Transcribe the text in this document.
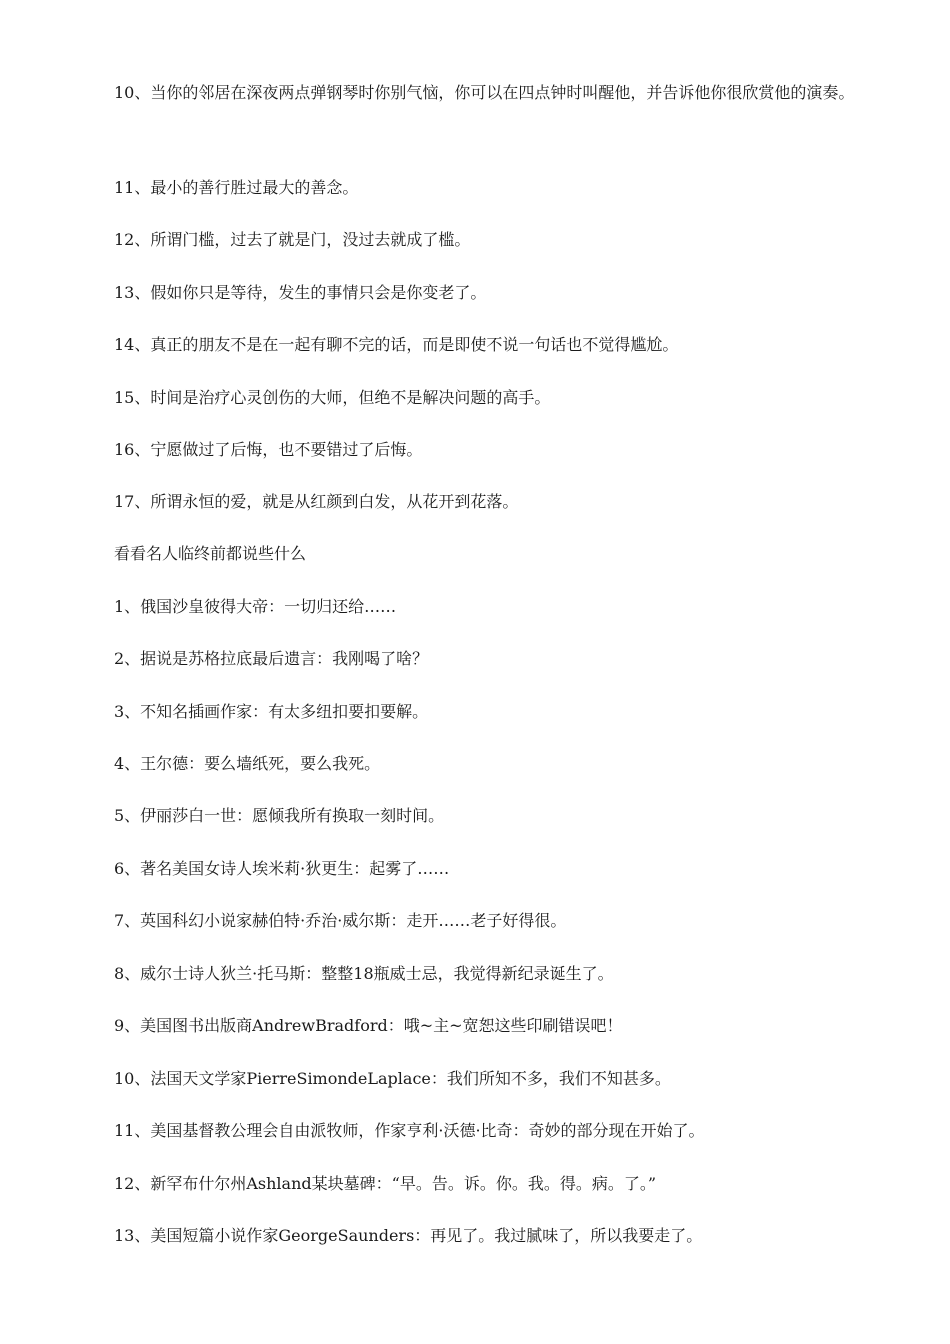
10、当你的邻居在深夜两点弹钢琴时你别气恼，你可以在四点钟时叫醒他，并告诉他你很欣赏他的演奏。

11、最小的善行胜过最大的善念。

12、所谓门槛，过去了就是门，没过去就成了槛。

13、假如你只是等待，发生的事情只会是你变老了。

14、真正的朋友不是在一起有聊不完的话，而是即使不说一句话也不觉得尴尬。

15、时间是治疗心灵创伤的大师，但绝不是解决问题的高手。

16、宁愿做过了后悔，也不要错过了后悔。

17、所谓永恒的爱，就是从红颜到白发，从花开到花落。

看看名人临终前都说些什么

1、俄国沙皇彼得大帝：一切归还给……

2、据说是苏格拉底最后遗言：我刚喝了啥？

3、不知名插画作家：有太多纽扣要扣要解。

4、王尔德：要么墙纸死，要么我死。

5、伊丽莎白一世：愿倾我所有换取一刻时间。

6、著名美国女诗人埃米莉·狄更生：起雾了……

7、英国科幻小说家赫伯特·乔治·威尔斯：走开……老子好得很。

8、威尔士诗人狄兰·托马斯：整整18瓶威士忌，我觉得新纪录诞生了。

9、美国图书出版商AndrewBradford：哦~主~宽恕这些印刷错误吧！

10、法国天文学家PierreSimondeLaplace：我们所知不多，我们不知甚多。

11、美国基督教公理会自由派牧师，作家亨利·沃德·比奇：奇妙的部分现在开始了。

12、新罕布什尔州Ashland某块墓碑：“早。告。诉。你。我。得。病。了。”

13、美国短篇小说作家GeorgeSaunders：再见了。我过腻味了，所以我要走了。
